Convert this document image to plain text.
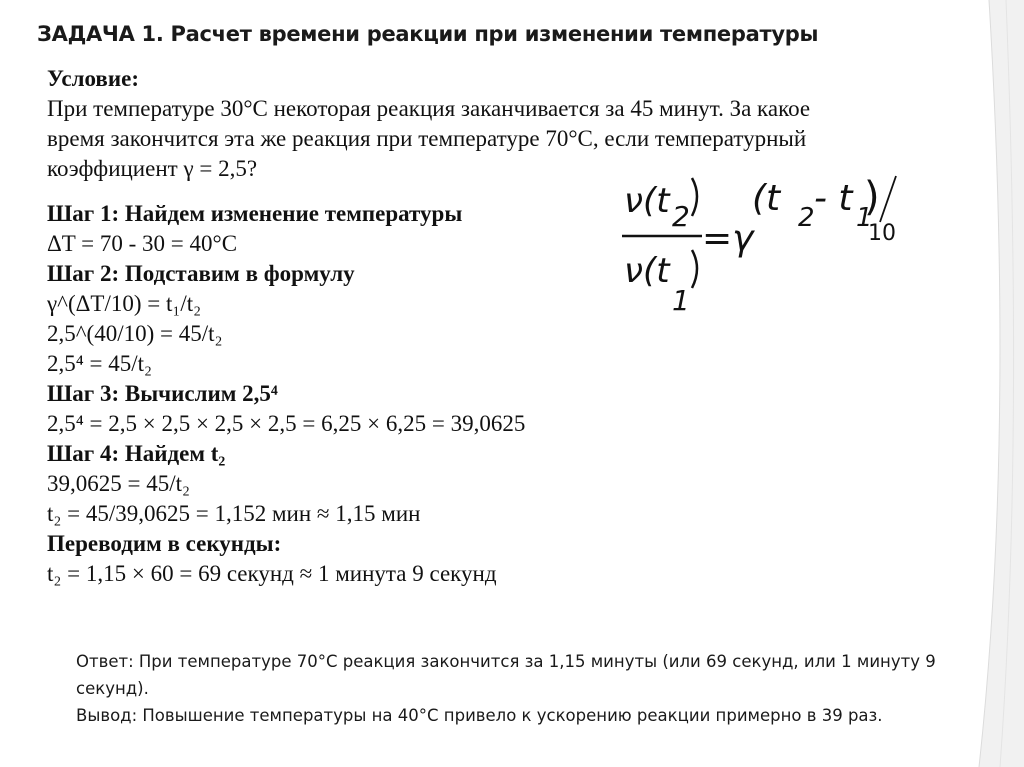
ЗАДАЧА 1. Расчет времени реакции при изменении температуры
Условие:
При температуре 30°C некоторая реакция заканчивается за 45 минут. За какое время закончится эта же реакция при температуре 70°C, если температурный коэффициент γ = 2,5?
Шаг 1: Найдем изменение температуры
ΔT = 70 - 30 = 40°C
Шаг 2: Подставим в формулу
γ^(ΔT/10) = t₁/t₂
2,5^(40/10) = 45/t₂
2,5⁴ = 45/t₂
Шаг 3: Вычислим 2,5⁴
2,5⁴ = 2,5 × 2,5 × 2,5 × 2,5 = 6,25 × 6,25 = 39,0625
Шаг 4: Найдем t₂
39,0625 = 45/t₂
t₂ = 45/39,0625 = 1,152 мин ≈ 1,15 мин
Переводим в секунды:
t₂ = 1,15 × 60 = 69 секунд ≈ 1 минута 9 секунд
ν(t 2
ν(t
1
=γ
(t 2 - t 1
)
10

Ответ: При температуре 70°C реакция закончится за 1,15 минуты (или 69 секунд, или 1 минуту 9 секунд).

Вывод: Повышение температуры на 40°C привело к ускорению реакции примерно в 39 раз.
